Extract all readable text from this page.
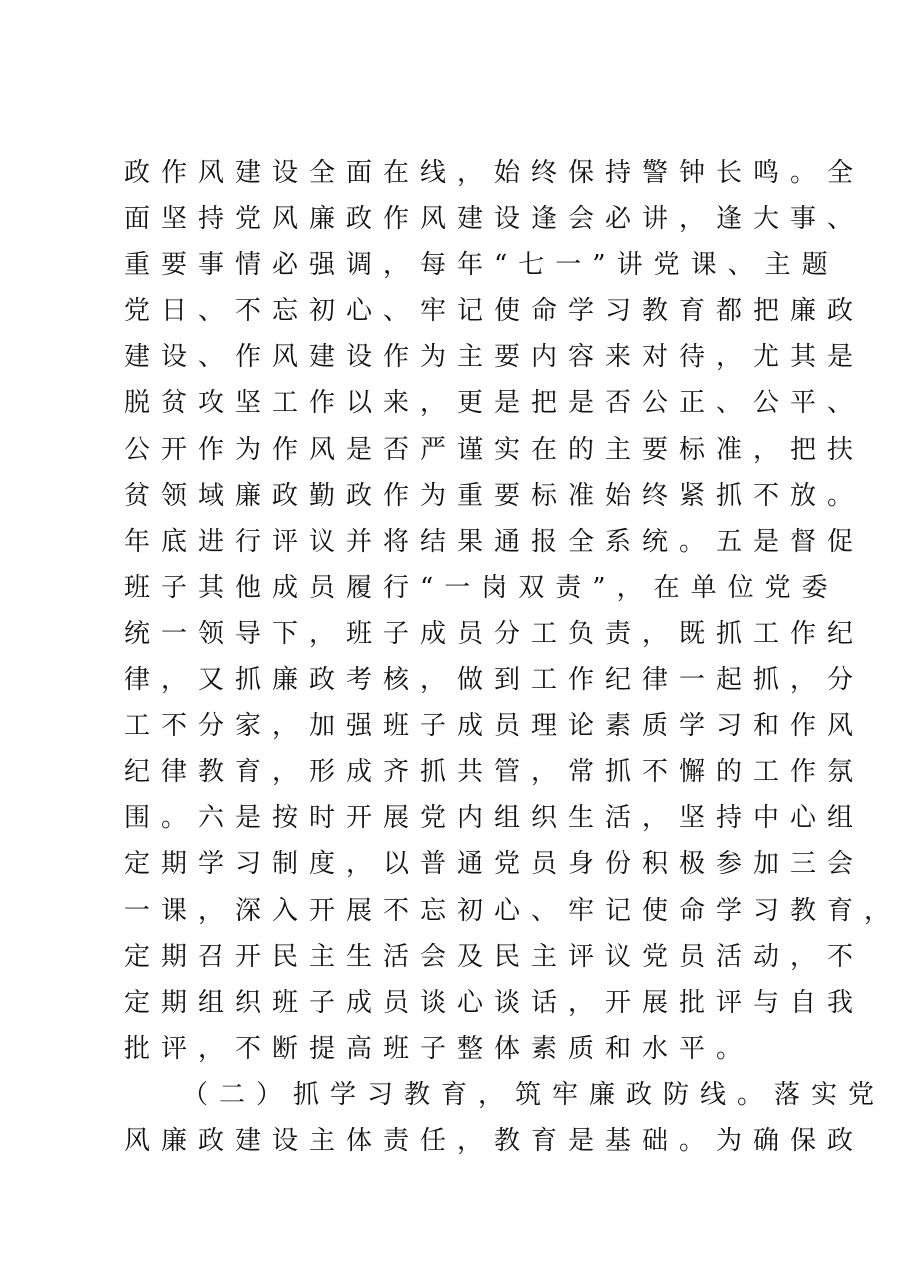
政作风建设全面在线，始终保持警钟长鸣。全
面坚持党风廉政作风建设逢会必讲，逢大事、
重要事情必强调，每年“七一”讲党课、主题
党日、不忘初心、牢记使命学习教育都把廉政
建设、作风建设作为主要内容来对待，尤其是
脱贫攻坚工作以来，更是把是否公正、公平、
公开作为作风是否严谨实在的主要标准，把扶
贫领域廉政勤政作为重要标准始终紧抓不放。
年底进行评议并将结果通报全系统。五是督促
班子其他成员履行“一岗双责”，在单位党委
统一领导下，班子成员分工负责，既抓工作纪
律，又抓廉政考核，做到工作纪律一起抓，分
工不分家，加强班子成员理论素质学习和作风
纪律教育，形成齐抓共管，常抓不懈的工作氛
围。六是按时开展党内组织生活，坚持中心组
定期学习制度，以普通党员身份积极参加三会
一课，深入开展不忘初心、牢记使命学习教育，
定期召开民主生活会及民主评议党员活动，不
定期组织班子成员谈心谈话，开展批评与自我
批评，不断提高班子整体素质和水平。
（二）抓学习教育，筑牢廉政防线。落实党
风廉政建设主体责任，教育是基础。为确保政
